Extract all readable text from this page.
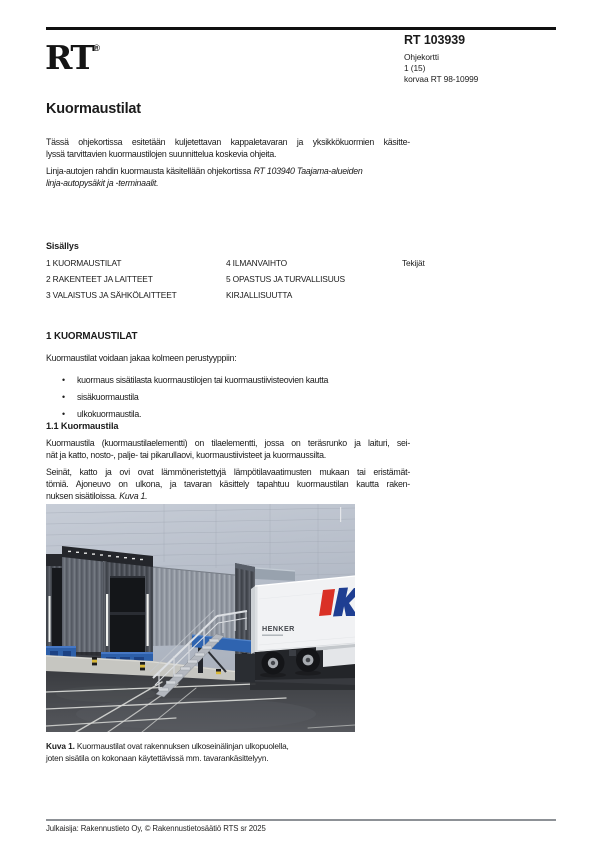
RT®
RT 103939
Ohjekortti
1 (15)
korvaa RT 98-10999
Kuormaustilat
Tässä ohjekortissa esitetään kuljetettavan kappaletavaran ja yksikkökuormien käsitte-
lyssä tarvittavien kuormaustilojen suunnittelua koskevia ohjeita.
Linja-autojen rahdin kuormausta käsitellään ohjekortissa RT 103940 Taajama-alueiden
linja-autopysäkit ja -terminaalit.
Sisällys
1 KUORMAUSTILAT
2 RAKENTEET JA LAITTEET
3 VALAISTUS JA SÄHKÖLAITTEET
4 ILMANVAIHTO
5 OPASTUS JA TURVALLISUUS
KIRJALLISUUTTA
Tekijät
1 KUORMAUSTILAT
Kuormaustilat voidaan jakaa kolmeen perustyyppiin:
• kuormaus sisätilasta kuormaustilojen tai kuormaustiivisteovien kautta
• sisäkuormaustila
• ulkokuormaustila.
1.1 Kuormaustila
Kuormaustila (kuormaustilaelementti) on tilaelementti, jossa on teräsrunko ja laituri, sei-
nät ja katto, nosto-, palje- tai pikarullaovi, kuormaustiivisteet ja kuormaussilta.
Seinät, katto ja ovi ovat lämmöneristettyjä lämpötilavaatimusten mukaan tai eristämät-
tömiä. Ajoneuvo on ulkona, ja tavaran käsittely tapahtuu kuormaustilan kautta raken-
nuksen sisätiloissa. Kuva 1.
HENKER
Kuva 1. Kuormaustilat ovat rakennuksen ulkoseinälinjan ulkopuolella,
joten sisätila on kokonaan käytettävissä mm. tavarankäsittelyyn.
Julkaisija: Rakennustieto Oy, © Rakennustietosäätiö RTS sr 2025
